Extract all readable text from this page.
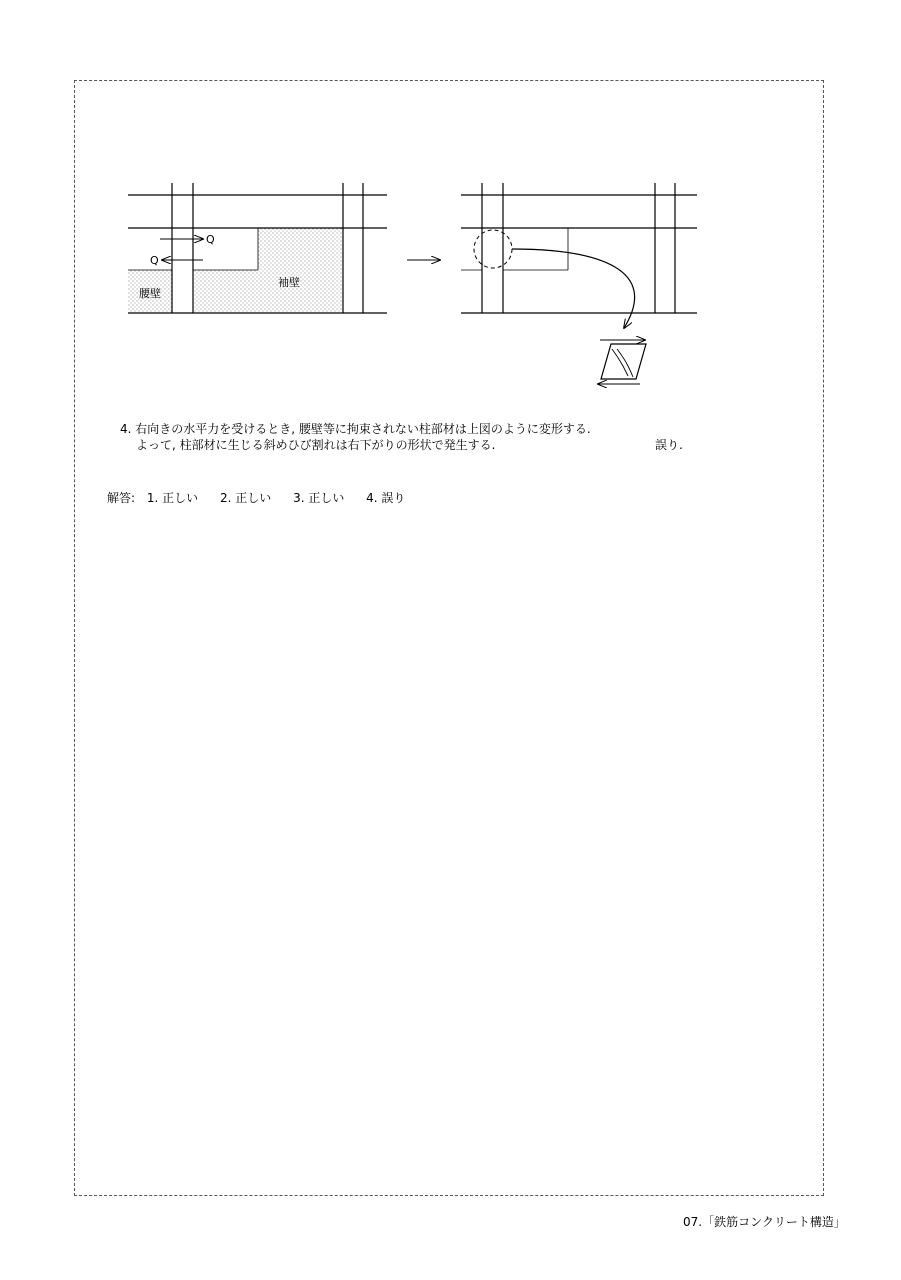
Q
Q
腰壁
袖壁
4. 右向きの水平力を受けるとき, 腰壁等に拘束されない柱部材は上図のように変形する.
よって, 柱部材に生じる斜めひび割れは右下がりの形状で発生する.	誤り.
解答: 1. 正しい 2. 正しい 3. 正しい 4. 誤り
07.「鉄筋コンクリート構造」
